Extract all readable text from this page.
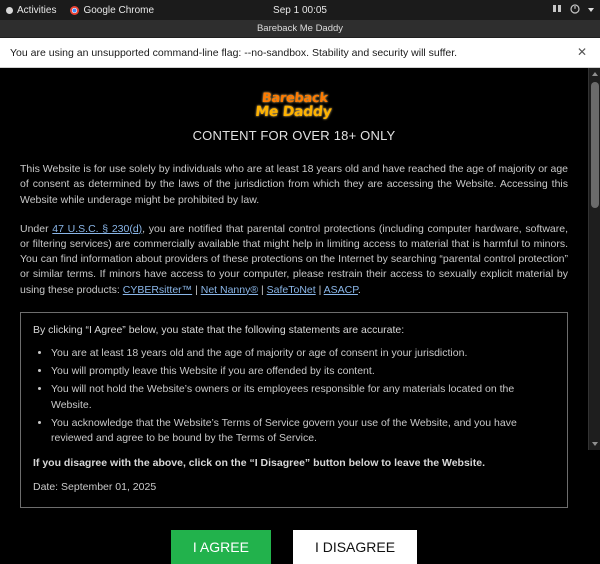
Activities	Google Chrome	Sep 1 00:05
Bareback Me Daddy
You are using an unsupported command-line flag: --no-sandbox. Stability and security will suffer.	✕
Bareback
Me Daddy
CONTENT FOR OVER 18+ ONLY

This Website is for use solely by individuals who are at least 18 years old and have reached the age of majority or age of consent as determined by the laws of the jurisdiction from which they are accessing the Website. Accessing this Website while underage might be prohibited by law.

Under 47 U.S.C. § 230(d), you are notified that parental control protections (including computer hardware, software, or filtering services) are commercially available that might help in limiting access to material that is harmful to minors. You can find information about providers of these protections on the Internet by searching “parental control protection” or similar terms. If minors have access to your computer, please restrain their access to sexually explicit material by using these products: CYBERsitter™ | Net Nanny® | SafeToNet | ASACP.

By clicking “I Agree” below, you state that the following statements are accurate:

• You are at least 18 years old and the age of majority or age of consent in your jurisdiction.
• You will promptly leave this Website if you are offended by its content.
• You will not hold the Website’s owners or its employees responsible for any materials located on the Website.
• You acknowledge that the Website’s Terms of Service govern your use of the Website, and you have reviewed and agree to be bound by the Terms of Service.

If you disagree with the above, click on the “I Disagree” button below to leave the Website.

Date: September 01, 2025

I AGREE	I DISAGREE
